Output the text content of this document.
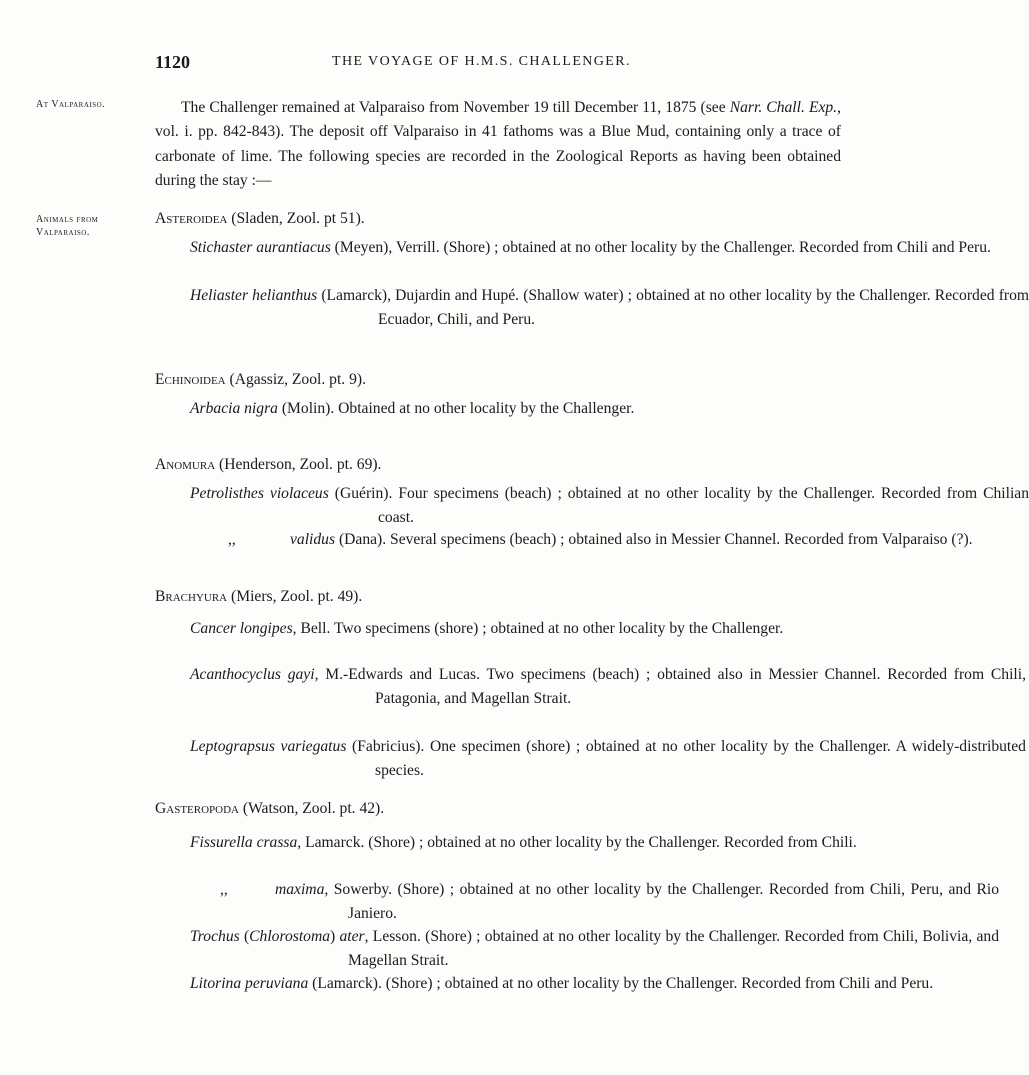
1120	THE VOYAGE OF H.M.S. CHALLENGER.
At Valparaiso.	The Challenger remained at Valparaiso from November 19 till December 11, 1875 (see Narr. Chall. Exp., vol. i. pp. 842-843). The deposit off Valparaiso in 41 fathoms was a Blue Mud, containing only a trace of carbonate of lime. The following species are recorded in the Zoological Reports as having been obtained during the stay :—

Animals from
Valparaiso.
Asteroidea (Sladen, Zool. pt 51).

Stichaster aurantiacus (Meyen), Verrill. (Shore) ; obtained at no other locality by the Challenger. Recorded from Chili and Peru.

Heliaster helianthus (Lamarck), Dujardin and Hupé. (Shallow water) ; obtained at no other locality by the Challenger. Recorded from Ecuador, Chili, and Peru.

Echinoidea (Agassiz, Zool. pt. 9).

Arbacia nigra (Molin). Obtained at no other locality by the Challenger.

Anomura (Henderson, Zool. pt. 69).

Petrolisthes violaceus (Guérin). Four specimens (beach) ; obtained at no other locality by the Challenger. Recorded from Chilian coast.

,,	validus (Dana). Several specimens (beach) ; obtained also in Messier Channel. Recorded from Valparaiso (?).

Brachyura (Miers, Zool. pt. 49).

Cancer longipes, Bell. Two specimens (shore) ; obtained at no other locality by the Challenger.

Acanthocyclus gayi, M.-Edwards and Lucas. Two specimens (beach) ; obtained also in Messier Channel. Recorded from Chili, Patagonia, and Magellan Strait.

Leptograpsus variegatus (Fabricius). One specimen (shore) ; obtained at no other locality by the Challenger. A widely-distributed species.

Gasteropoda (Watson, Zool. pt. 42).

Fissurella crassa, Lamarck. (Shore) ; obtained at no other locality by the Challenger. Recorded from Chili.

,,	maxima, Sowerby. (Shore) ; obtained at no other locality by the Challenger. Recorded from Chili, Peru, and Rio Janiero.

Trochus (Chlorostoma) ater, Lesson. (Shore) ; obtained at no other locality by the Challenger. Recorded from Chili, Bolivia, and Magellan Strait.

Litorina peruviana (Lamarck). (Shore) ; obtained at no other locality by the Challenger. Recorded from Chili and Peru.
